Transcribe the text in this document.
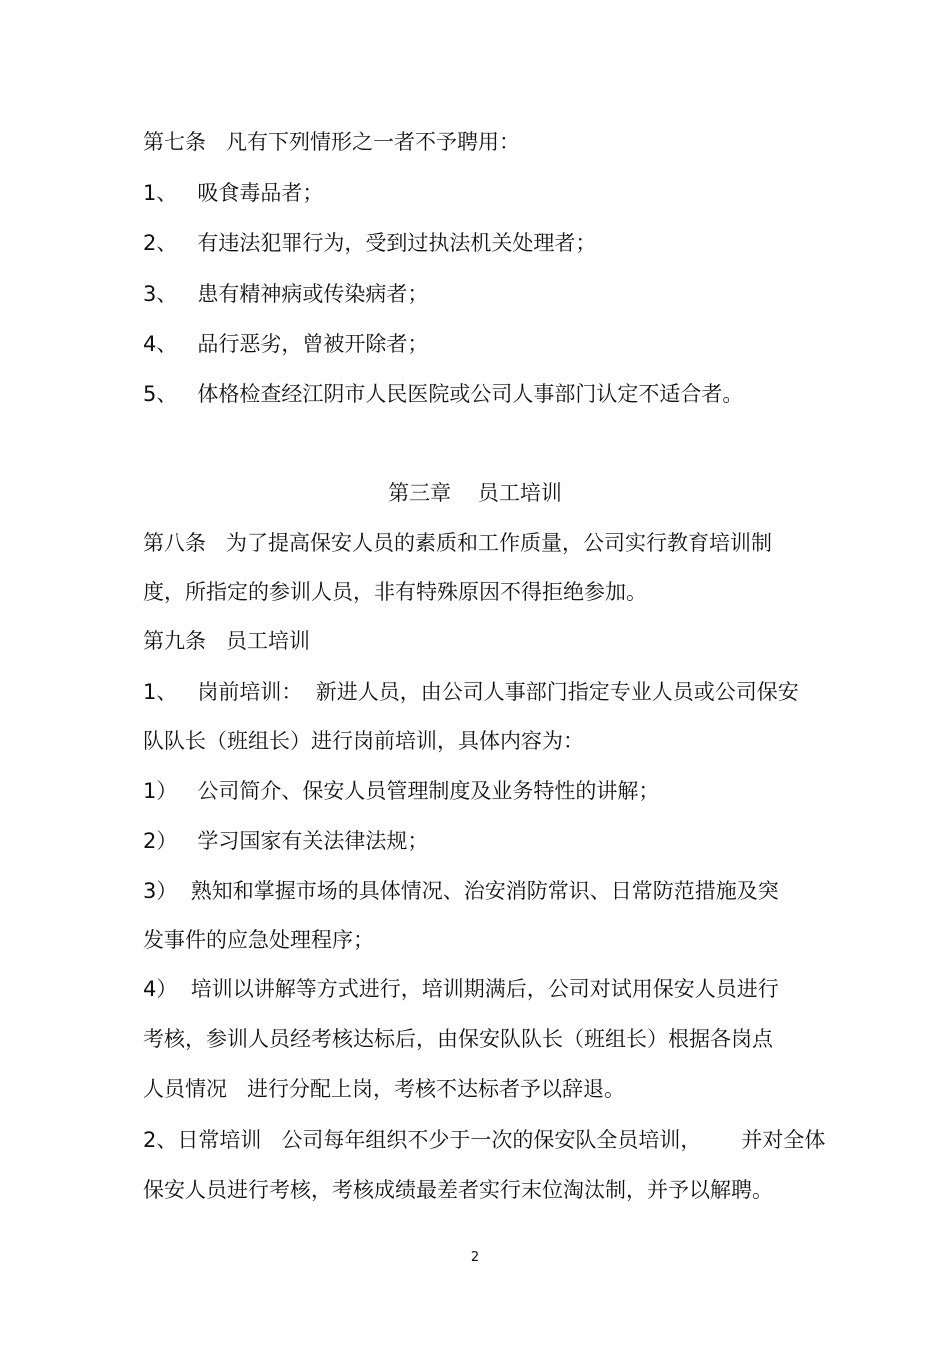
第七条   凡有下列情形之一者不予聘用：
1、   吸食毒品者；
2、   有违法犯罪行为，受到过执法机关处理者；
3、   患有精神病或传染病者；
4、   品行恶劣，曾被开除者；
5、   体格检查经江阴市人民医院或公司人事部门认定不适合者。
第三章    员工培训
第八条   为了提高保安人员的素质和工作质量，公司实行教育培训制
度，所指定的参训人员，非有特殊原因不得拒绝参加。
第九条   员工培训
1、   岗前培训：  新进人员，由公司人事部门指定专业人员或公司保安
队队长（班组长）进行岗前培训，具体内容为：
1）   公司简介、保安人员管理制度及业务特性的讲解；
2）   学习国家有关法律法规；
3）  熟知和掌握市场的具体情况、治安消防常识、日常防范措施及突
发事件的应急处理程序；
4）  培训以讲解等方式进行，培训期满后，公司对试用保安人员进行
考核，参训人员经考核达标后，由保安队队长（班组长）根据各岗点
人员情况   进行分配上岗，考核不达标者予以辞退。
2、日常培训   公司每年组织不少于一次的保安队全员培训，      并对全体
保安人员进行考核，考核成绩最差者实行末位淘汰制，并予以解聘。
2
